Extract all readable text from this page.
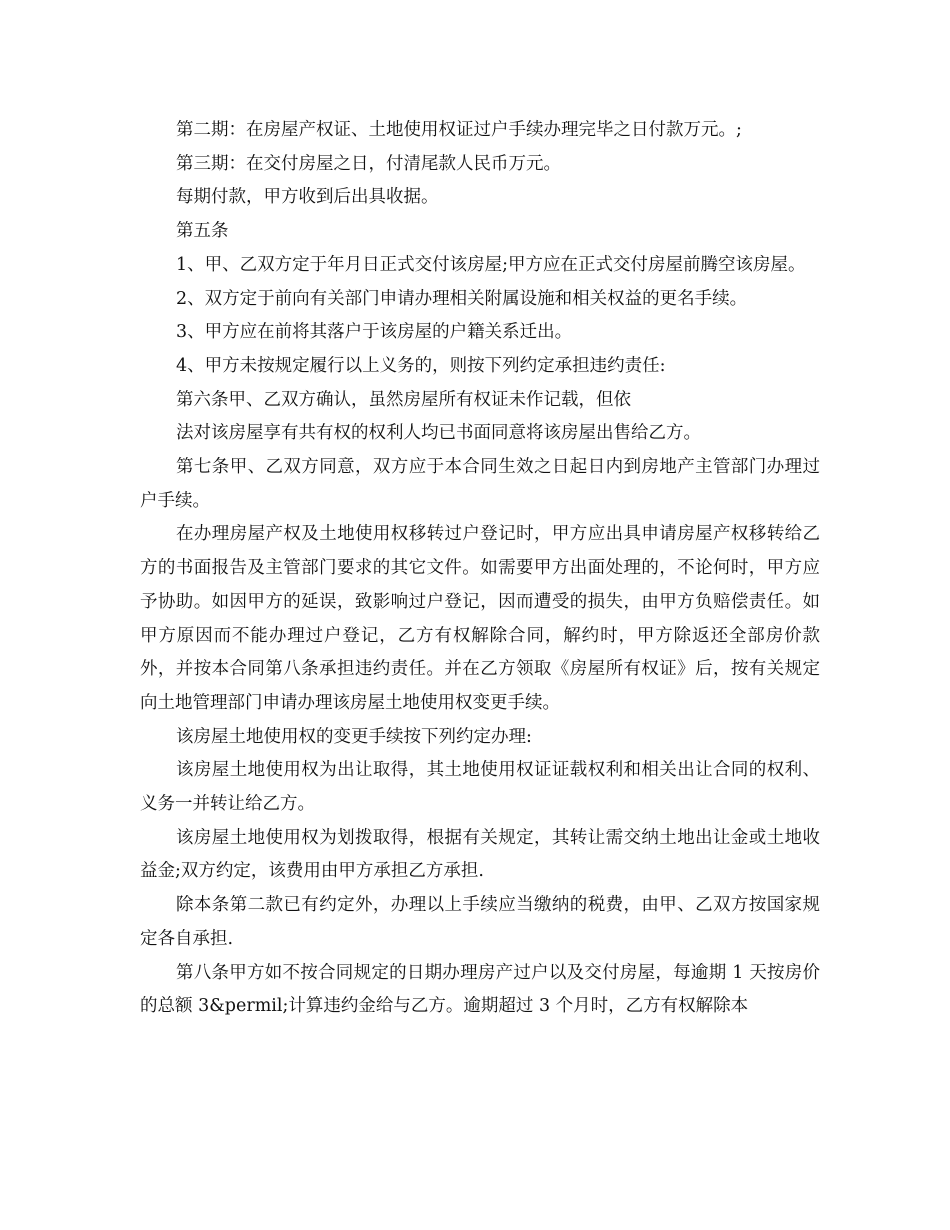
第二期：在房屋产权证、土地使用权证过户手续办理完毕之日付款万元。;

第三期：在交付房屋之日，付清尾款人民币万元。

每期付款，甲方收到后出具收据。

第五条

1、甲、乙双方定于年月日正式交付该房屋;甲方应在正式交付房屋前腾空该房屋。

2、双方定于前向有关部门申请办理相关附属设施和相关权益的更名手续。

3、甲方应在前将其落户于该房屋的户籍关系迁出。

4、甲方未按规定履行以上义务的，则按下列约定承担违约责任:

第六条甲、乙双方确认，虽然房屋所有权证未作记载，但依

法对该房屋享有共有权的权利人均已书面同意将该房屋出售给乙方。

第七条甲、乙双方同意，双方应于本合同生效之日起日内到房地产主管部门办理过户手续。

在办理房屋产权及土地使用权移转过户登记时，甲方应出具申请房屋产权移转给乙方的书面报告及主管部门要求的其它文件。如需要甲方出面处理的，不论何时，甲方应予协助。如因甲方的延误，致影响过户登记，因而遭受的损失，由甲方负赔偿责任。如甲方原因而不能办理过户登记，乙方有权解除合同，解约时，甲方除返还全部房价款外，并按本合同第八条承担违约责任。并在乙方领取《房屋所有权证》后，按有关规定向土地管理部门申请办理该房屋土地使用权变更手续。

该房屋土地使用权的变更手续按下列约定办理:

该房屋土地使用权为出让取得，其土地使用权证证载权利和相关出让合同的权利、义务一并转让给乙方。

该房屋土地使用权为划拨取得，根据有关规定，其转让需交纳土地出让金或土地收益金;双方约定，该费用由甲方承担乙方承担.

除本条第二款已有约定外，办理以上手续应当缴纳的税费，由甲、乙双方按国家规定各自承担.

第八条甲方如不按合同规定的日期办理房产过户以及交付房屋，每逾期 1 天按房价的总额 3&permil;计算违约金给与乙方。逾期超过 3 个月时，乙方有权解除本
